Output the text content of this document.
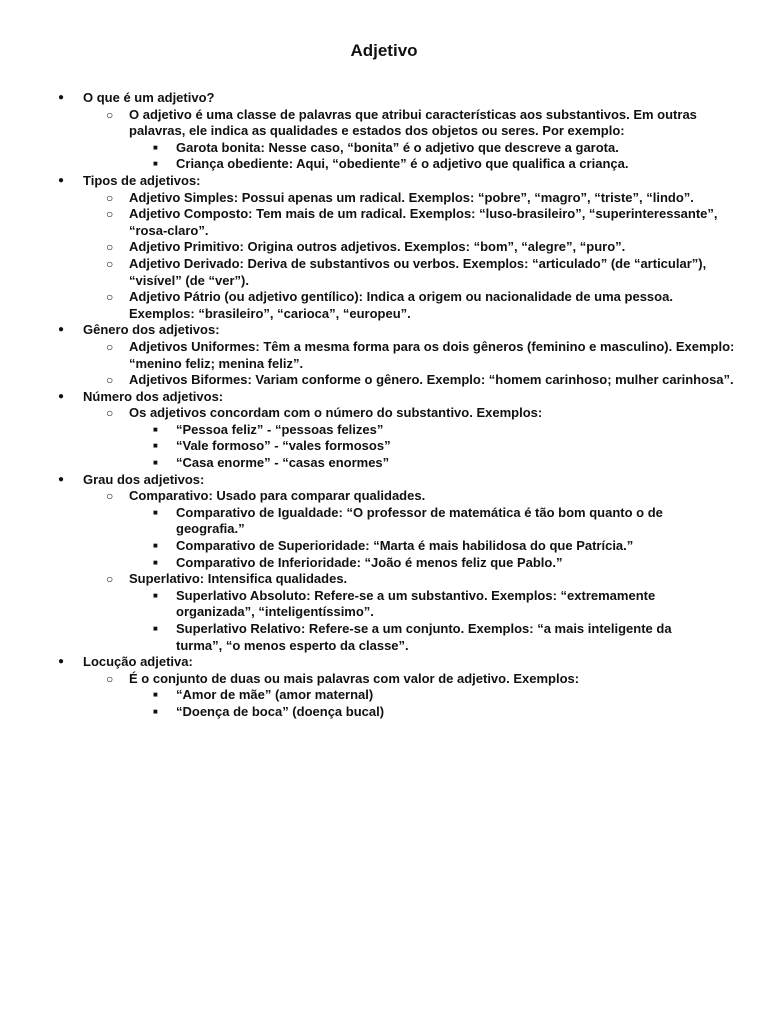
Adjetivo
● O que é um adjetivo?
○ O adjetivo é uma classe de palavras que atribui características aos substantivos. Em outras palavras, ele indica as qualidades e estados dos objetos ou seres. Por exemplo:
■ Garota bonita: Nesse caso, “bonita” é o adjetivo que descreve a garota.
■ Criança obediente: Aqui, “obediente” é o adjetivo que qualifica a criança.
● Tipos de adjetivos:
○ Adjetivo Simples: Possui apenas um radical. Exemplos: “pobre”, “magro”, “triste”, “lindo”.
○ Adjetivo Composto: Tem mais de um radical. Exemplos: “luso-brasileiro”, “superinteressante”, “rosa-claro”.
○ Adjetivo Primitivo: Origina outros adjetivos. Exemplos: “bom”, “alegre”, “puro”.
○ Adjetivo Derivado: Deriva de substantivos ou verbos. Exemplos: “articulado” (de “articular”), “visível” (de “ver”).
○ Adjetivo Pátrio (ou adjetivo gentílico): Indica a origem ou nacionalidade de uma pessoa. Exemplos: “brasileiro”, “carioca”, “europeu”.
● Gênero dos adjetivos:
○ Adjetivos Uniformes: Têm a mesma forma para os dois gêneros (feminino e masculino). Exemplo: “menino feliz; menina feliz”.
○ Adjetivos Biformes: Variam conforme o gênero. Exemplo: “homem carinhoso; mulher carinhosa”.
● Número dos adjetivos:
○ Os adjetivos concordam com o número do substantivo. Exemplos:
■ “Pessoa feliz” - “pessoas felizes”
■ “Vale formoso” - “vales formosos”
■ “Casa enorme” - “casas enormes”
● Grau dos adjetivos:
○ Comparativo: Usado para comparar qualidades.
■ Comparativo de Igualdade: “O professor de matemática é tão bom quanto o de geografia.”
■ Comparativo de Superioridade: “Marta é mais habilidosa do que Patrícia.”
■ Comparativo de Inferioridade: “João é menos feliz que Pablo.”
○ Superlativo: Intensifica qualidades.
■ Superlativo Absoluto: Refere-se a um substantivo. Exemplos: “extremamente organizada”, “inteligentíssimo”.
■ Superlativo Relativo: Refere-se a um conjunto. Exemplos: “a mais inteligente da turma”, “o menos esperto da classe”.
● Locução adjetiva:
○ É o conjunto de duas ou mais palavras com valor de adjetivo. Exemplos:
■ “Amor de mãe” (amor maternal)
■ “Doença de boca” (doença bucal)
